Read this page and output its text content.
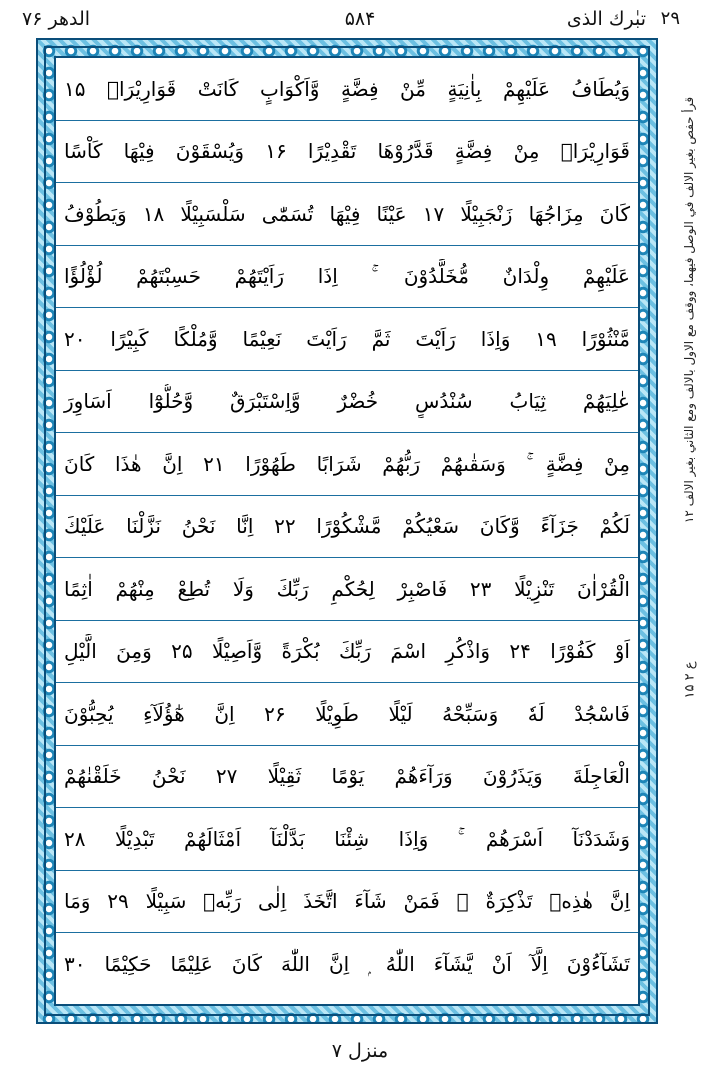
الدھر ۷۶	۵۸۴	تبٰرك الذی ۲۹
وَيُطَافُ عَلَيْهِمْ بِاٰنِيَةٍ مِّنْ فِضَّةٍ وَّاَكْوَابٍ كَانَتْ قَوَارِيْرَا۠ ۱۵
قَوَارِيْرَا۟ مِنْ فِضَّةٍ قَدَّرُوْهَا تَقْدِيْرًا ۱۶ وَيُسْقَوْنَ فِيْهَا كَاْسًا
كَانَ مِزَاجُهَا زَنْجَبِيْلًا ۱۷ عَيْنًا فِيْهَا تُسَمّٰى سَلْسَبِيْلًا ۱۸ وَيَطُوْفُ
عَلَيْهِمْ وِلْدَانٌ مُّخَلَّدُوْنَ ۚ اِذَا رَاَيْتَهُمْ حَسِبْتَهُمْ لُؤْلُؤًا
مَّنْثُوْرًا ۱۹ وَاِذَا رَاَيْتَ ثَمَّ رَاَيْتَ نَعِيْمًا وَّمُلْكًا كَبِيْرًا ۲۰
عٰلِيَهُمْ ثِيَابُ سُنْدُسٍ خُضْرٌ وَّاِسْتَبْرَقٌ وَّحُلُّوْٓا اَسَاوِرَ
مِنْ فِضَّةٍ ۚ وَسَقٰىهُمْ رَبُّهُمْ شَرَابًا طَهُوْرًا ۲۱ اِنَّ هٰذَا كَانَ
لَكُمْ جَزَآءً وَّكَانَ سَعْيُكُمْ مَّشْكُوْرًا ۲۲ اِنَّا نَحْنُ نَزَّلْنَا عَلَيْكَ
الْقُرْاٰنَ تَنْزِيْلًا ۲۳ فَاصْبِرْ لِحُكْمِ رَبِّكَ وَلَا تُطِعْ مِنْهُمْ اٰثِمًا
اَوْ كَفُوْرًا ۲۴ وَاذْكُرِ اسْمَ رَبِّكَ بُكْرَةً وَّاَصِيْلًا ۲۵ وَمِنَ الَّيْلِ
فَاسْجُدْ لَهٗ وَسَبِّحْهُ لَيْلًا طَوِيْلًا ۲۶ اِنَّ هٰٓؤُلَآءِ يُحِبُّوْنَ
الْعَاجِلَةَ وَيَذَرُوْنَ وَرَآءَهُمْ يَوْمًا ثَقِيْلًا ۲۷ نَحْنُ خَلَقْنٰهُمْ
وَشَدَدْنَآ اَسْرَهُمْ ۚ وَاِذَا شِئْنَا بَدَّلْنَآ اَمْثَالَهُمْ تَبْدِيْلًا ۲۸
اِنَّ هٰذِهٖ تَذْكِرَةٌ ۚ فَمَنْ شَآءَ اتَّخَذَ اِلٰى رَبِّهٖ سَبِيْلًا ۲۹ وَمَا
تَشَآءُوْنَ اِلَّآ اَنْ يَّشَآءَ اللّٰهُ ۭ اِنَّ اللّٰهَ كَانَ عَلِيْمًا حَكِيْمًا ۳۰
قرأ حفص بغير الالف في الوصل فيهما، ووقف مع الاول بالالف ومع الثاني بغير الالف ۱۲
ع ۲ ۱۵
منزل ۷
